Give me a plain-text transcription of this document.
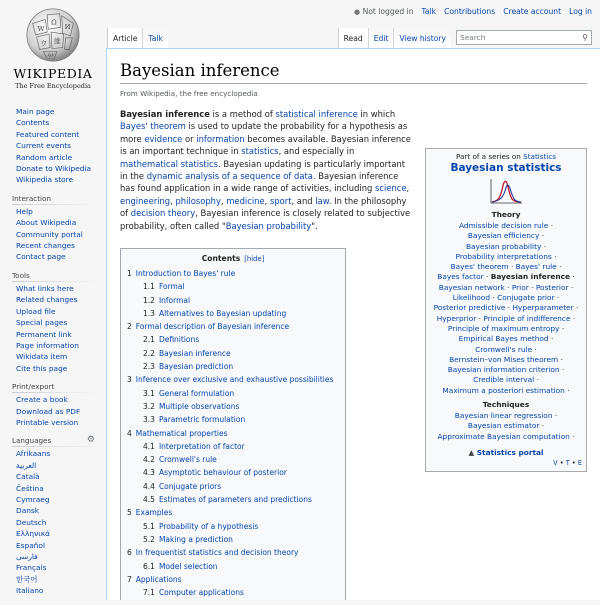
W
Ω
И
ウ 維
ω
WIKIPEDIA
The Free Encyclopedia
● Not logged in Talk Contributions Create account Log in
Article Talk	Read Edit View history Search	⚲
Main page
Contents
Featured content
Current events
Random article
Donate to Wikipedia
Wikipedia store
Interaction
Help
About Wikipedia
Community portal
Recent changes
Contact page
Tools
What links here
Related changes
Upload file
Special pages
Permanent link
Page information
Wikidata item
Cite this page
Print/export
Create a book
Download as PDF
Printable version
Languages	⚙
Afrikaans
العربية
Català
Čeština
Cymraeg
Dansk
Deutsch
Ελληνικά
Español
فارسی
Français
한국어
Italiano
Bayesian inference
From Wikipedia, the free encyclopedia

Bayesian inference is a method of statistical inference in which Bayes' theorem is used to update the probability for a hypothesis as more evidence or information becomes available. Bayesian inference is an important technique in statistics, and especially in mathematical statistics. Bayesian updating is particularly important in the dynamic analysis of a sequence of data. Bayesian inference has found application in a wide range of activities, including science, engineering, philosophy, medicine, sport, and law. In the philosophy of decision theory, Bayesian inference is closely related to subjective probability, often called "Bayesian probability".

Contents [hide]
1 Introduction to Bayes' rule
1.1 Formal
1.2 Informal
1.3 Alternatives to Bayesian updating
2 Formal description of Bayesian inference
2.1 Definitions
2.2 Bayesian inference
2.3 Bayesian prediction
3 Inference over exclusive and exhaustive possibilities
3.1 General formulation
3.2 Multiple observations
3.3 Parametric formulation
4 Mathematical properties
4.1 Interpretation of factor
4.2 Cromwell's rule
4.3 Asymptotic behaviour of posterior
4.4 Conjugate priors
4.5 Estimates of parameters and predictions
5 Examples
5.1 Probability of a hypothesis
5.2 Making a prediction
6 In frequentist statistics and decision theory
6.1 Model selection
7 Applications
7.1 Computer applications
Part of a series on Statistics
Bayesian statistics
Theory
Admissible decision rule ·
Bayesian efficiency ·
Bayesian probability ·
Probability interpretations ·
Bayes' theorem · Bayes' rule ·
Bayes factor · Bayesian inference ·
Bayesian network · Prior · Posterior ·
Likelihood · Conjugate prior ·
Posterior predictive · Hyperparameter ·
Hyperprior · Principle of indifference ·
Principle of maximum entropy ·
Empirical Bayes method ·
Cromwell's rule ·
Bernstein–von Mises theorem ·
Bayesian information criterion ·
Credible interval ·
Maximum a posteriori estimation ·
Techniques
Bayesian linear regression ·
Bayesian estimator ·
Approximate Bayesian computation ·
▲ Statistics portal
V • T • E
